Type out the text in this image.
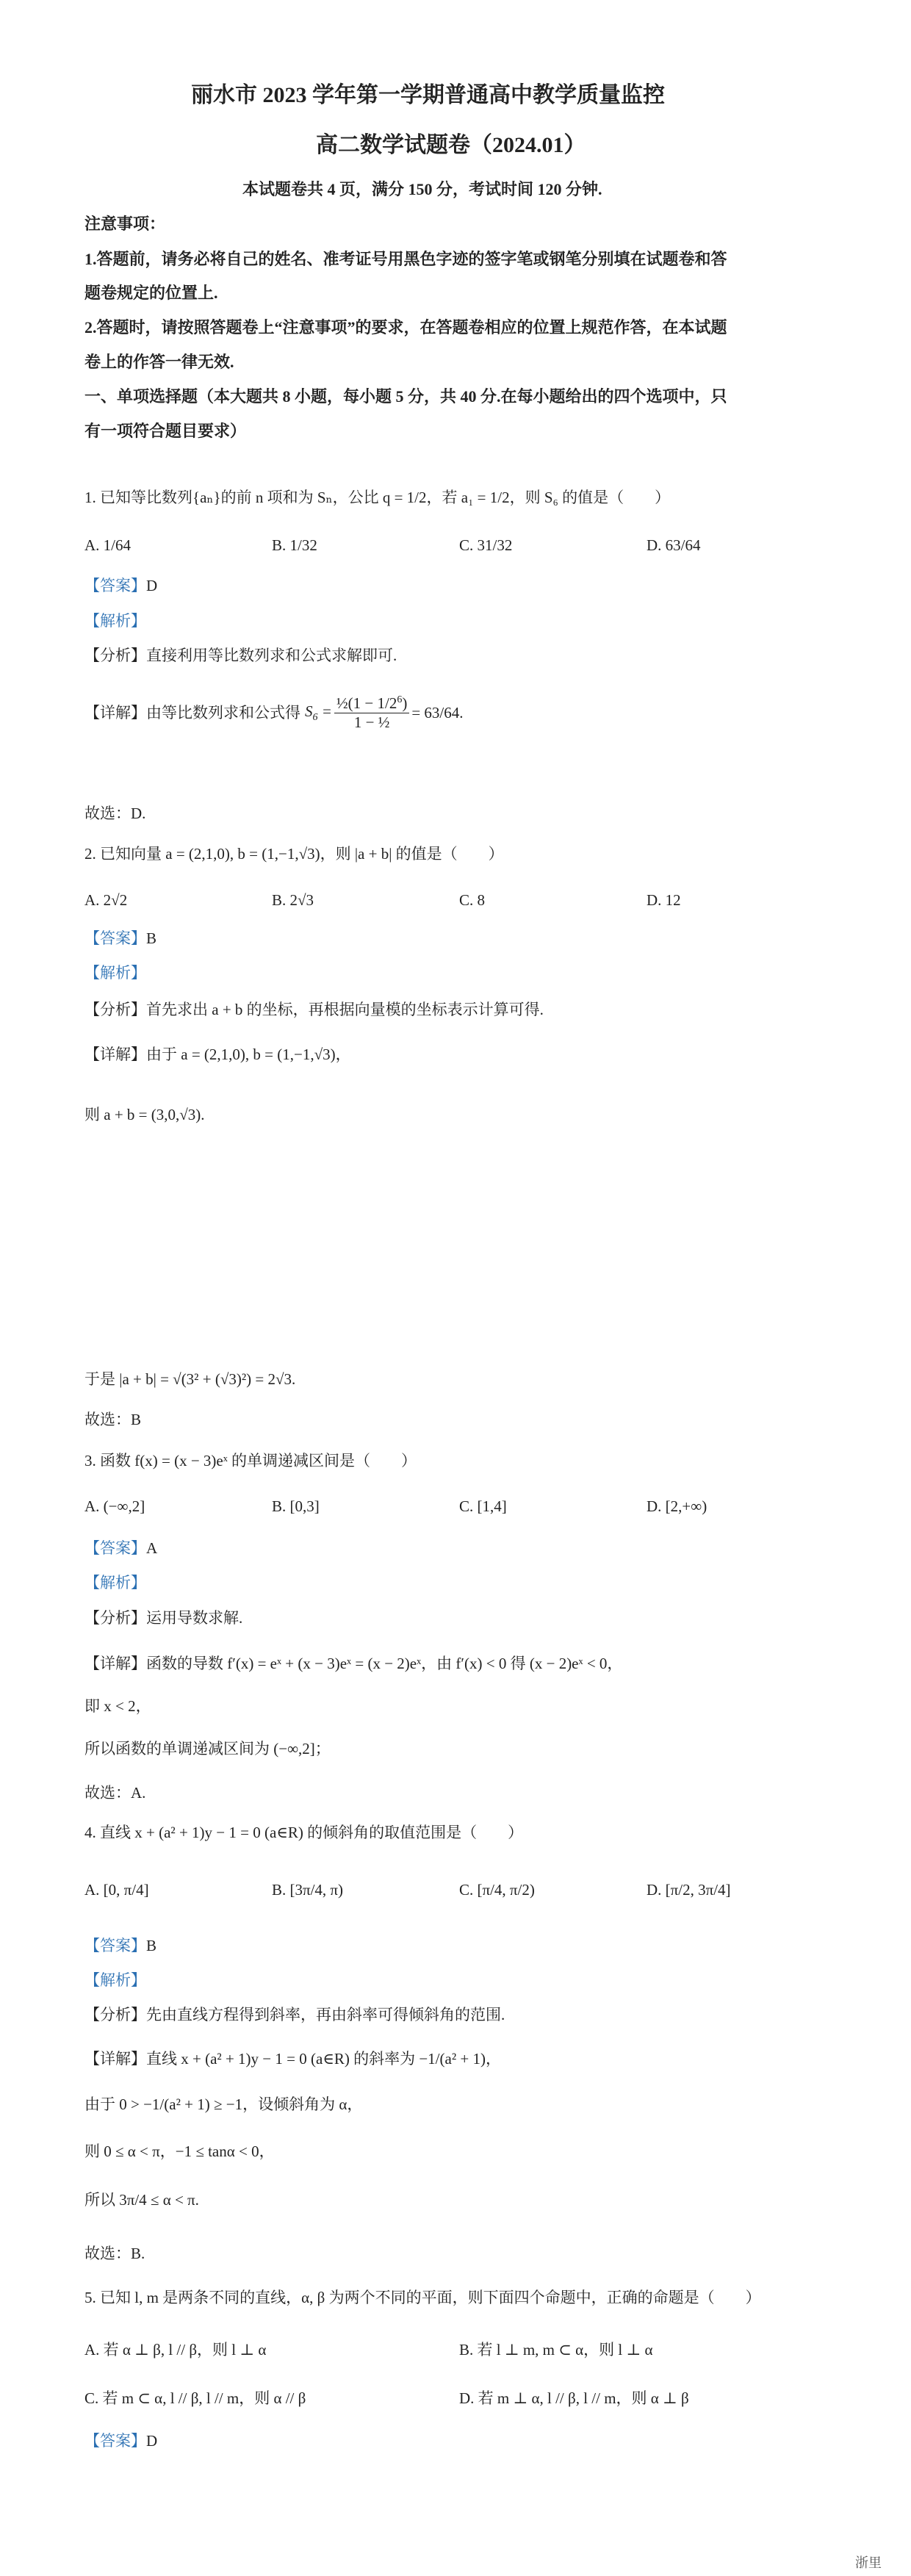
丽水市 2023 学年第一学期普通高中教学质量监控
高二数学试题卷（2024.01）
本试题卷共 4 页，满分 150 分，考试时间 120 分钟.
注意事项：
1.答题前，请务必将自己的姓名、准考证号用黑色字迹的签字笔或钢笔分别填在试题卷和答
题卷规定的位置上.
2.答题时，请按照答题卷上“注意事项”的要求，在答题卷相应的位置上规范作答，在本试题
卷上的作答一律无效.
一、单项选择题（本大题共 8 小题，每小题 5 分，共 40 分.在每小题给出的四个选项中，只
有一项符合题目要求）
1. 已知等比数列{aₙ}的前 n 项和为 Sₙ，公比 q = 1/2，若 a₁ = 1/2，则 S₆ 的值是（　　）
A. 1/64	B. 1/32	C. 31/32	D. 63/64
【答案】D
【解析】
【分析】直接利用等比数列求和公式求解即可.
【详解】 由等比数列求和公式得 $S_6 = \frac{\frac{1}{2}(1 - 1/2^6)}{\text{1 − ½}} = 63/64$.
故选：D.
2. 已知向量 a = (2,1,0), b = (1,−1,√3)，则 |a + b| 的值是（　　）
A. 2√2	B. 2√3	C. 8	D. 12
【答案】B
【解析】
【分析】首先求出 a + b 的坐标，再根据向量模的坐标表示计算可得.
【详解】由于 a = (2,1,0), b = (1,−1,√3)，
则 a + b = (3,0,√3).
于是 |a + b| = √(3² + (√3)²) = 2√3.
故选：B
3. 函数 f(x) = (x − 3)eˣ 的单调递减区间是（　　）
A. (−∞,2]	B. [0,3]	C. [1,4]	D. [2,+∞)
【答案】A
【解析】
【分析】运用导数求解.
【详解】函数的导数 f′(x) = eˣ + (x − 3)eˣ = (x − 2)eˣ，由 f′(x) < 0 得 (x − 2)eˣ < 0，
即 x < 2，
所以函数的单调递减区间为 (−∞,2]；
故选：A.
4. 直线 x + (a² + 1)y − 1 = 0 (a∈R) 的倾斜角的取值范围是（　　）
A. [0, π/4]	B. [3π/4, π)	C. [π/4, π/2)	D. [π/2, 3π/4]
【答案】B
【解析】
【分析】先由直线方程得到斜率，再由斜率可得倾斜角的范围.
【详解】直线 x + (a² + 1)y − 1 = 0 (a∈R) 的斜率为 −1/(a² + 1)，
由于 0 > −1/(a² + 1) ≥ −1，设倾斜角为 α，
则 0 ≤ α < π，−1 ≤ tanα < 0，
所以 3π/4 ≤ α < π.
故选：B.
5. 已知 l, m 是两条不同的直线，α, β 为两个不同的平面，则下面四个命题中，正确的命题是（　　）
A. 若 α ⊥ β, l // β，则 l ⊥ α	B. 若 l ⊥ m, m ⊂ α，则 l ⊥ α
C. 若 m ⊂ α, l // β, l // m，则 α // β	D. 若 m ⊥ α, l // β, l // m，则 α ⊥ β
【答案】D
浙里
